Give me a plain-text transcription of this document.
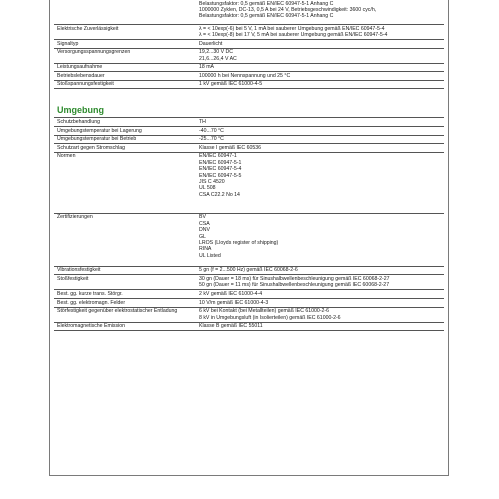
Belastungsfaktor: 0,5 gemäß EN/IEC 60947-5-1 Anhang C
1000000 Zyklen, DC-13, 0,5 A bei 24 V, Betriebsgeschwindigkeit: 3600 cyc/h,
Belastungsfaktor: 0,5 gemäß EN/IEC 60947-5-1 Anhang C
Elektrische Zuverlässigkeit	λ = < 10exp(-6) bei 5 V, 1 mA bei sauberer Umgebung gemäß EN/IEC 60947-5-4
λ = < 10exp(-8) bei 17 V, 5 mA bei sauberer Umgebung gemäß EN/IEC 60947-5-4
Signaltyp	Dauerlicht
Versorgungsspannungsgrenzen	19,2...30 V DC
21,6...26,4 V AC
Leistungsaufnahme	18 mA
Betriebslebensdauer	100000 h bei Nennspannung und 25 °C
Stoßspannungsfestigkeit	1 kV gemäß IEC 61000-4-5
Umgebung
Schutzbehandlung	TH
Umgebungstemperatur bei Lagerung	-40...70 °C
Umgebungstemperatur bei Betrieb	-25...70 °C
Schutzart gegen Stromschlag	Klasse I gemäß IEC 60536
Normen	EN/IEC 60947-1
EN/IEC 60947-5-1
EN/IEC 60947-5-4
EN/IEC 60947-5-5
JIS C 4520
UL 508
CSA C22.2 No 14
Zertifizierungen	BV
CSA
DNV
GL
LROS (Lloyds register of shipping)
RINA
UL Listed
Vibrationsfestigkeit	5 gn (f = 2...500 Hz) gemäß IEC 60068-2-6
Stoßfestigkeit	30 gn (Dauer = 18 ms) für Sinushalbwellenbeschleunigung gemäß IEC 60068-2-27
50 gn (Dauer = 11 ms) für Sinushalbwellenbeschleunigung gemäß IEC 60068-2-27
Best. gg. kurze trans. Störgr.	2 kV gemäß IEC 61000-4-4
Best. gg. elektromagn. Felder	10 V/m gemäß IEC 61000-4-3
Störfestigkeit gegenüber elektrostatischer Entladung	6 kV bei Kontakt (bei Metallteilen) gemäß IEC 61000-2-6
8 kV in Umgebungsluft (in Isolierteilen) gemäß IEC 61000-2-6
Elektromagnetische Emission	Klasse B gemäß IEC 55011
